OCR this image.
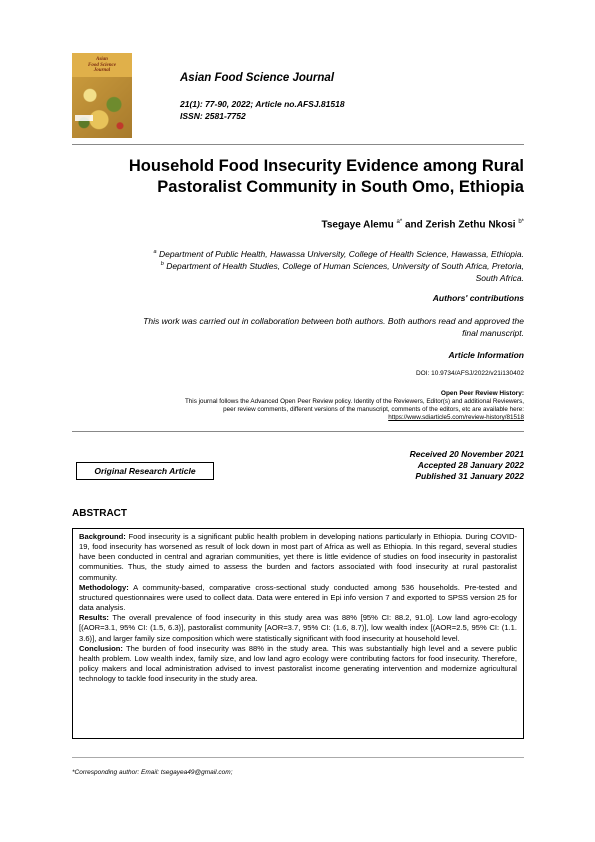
Asian
Food Science
Journal
Asian Food Science Journal
21(1): 77-90, 2022; Article no.AFSJ.81518
ISSN: 2581-7752
Household Food Insecurity Evidence among Rural
Pastoralist Community in South Omo, Ethiopia
Tsegaye Alemu $^{a*}$ and Zerish Zethu Nkosi $^{b*}$
$^a$ Department of Public Health, Hawassa University, College of Health Science, Hawassa, Ethiopia.
$^b$ Department of Health Studies, College of Human Sciences, University of South Africa, Pretoria,
South Africa.
Authors' contributions
This work was carried out in collaboration between both authors. Both authors read and approved the
final manuscript.
Article Information
DOI: 10.9734/AFSJ/2022/v21i130402
Open Peer Review History:
This journal follows the Advanced Open Peer Review policy. Identity of the Reviewers, Editor(s) and additional Reviewers,
peer review comments, different versions of the manuscript, comments of the editors, etc are available here:
https://www.sdiarticle5.com/review-history/81518
Original Research Article
Received 20 November 2021
Accepted 28 January 2022
Published 31 January 2022
ABSTRACT

Background: Food insecurity is a significant public health problem in developing nations particularly in Ethiopia. During COVID- 19, food insecurity has worsened as result of lock down in most part of Africa as well as Ethiopia. In this regard, several studies have been conducted in central and agrarian communities, yet there is little evidence of studies on food insecurity in pastoralist communities. Thus, the study aimed to assess the burden and factors associated with food insecurity at rural pastoralist community.

Methodology: A community-based, comparative cross-sectional study conducted among 536 households. Pre-tested and structured questionnaires were used to collect data. Data were entered in Epi info version 7 and exported to SPSS version 25 for data analysis.

Results: The overall prevalence of food insecurity in this study area was 88% [95% CI: 88.2, 91.0]. Low land agro-ecology [(AOR=3.1, 95% CI: (1.5, 6.3)], pastoralist community [AOR=3.7, 95% CI: (1.6, 8.7)], low wealth index [(AOR=2.5, 95% CI: (1.1. 3.6)], and larger family size composition which were statistically significant with food insecurity at household level.

Conclusion: The burden of food insecurity was 88% in the study area. This was substantially high level and a severe public health problem. Low wealth index, family size, and low land agro ecology were contributing factors for food insecurity. Therefore, policy makers and local administration advised to invest pastoralist income generating intervention and modernize agricultural technology to tackle food insecurity in the study area.

*Corresponding author: Email: tsegayea49@gmail.com;
